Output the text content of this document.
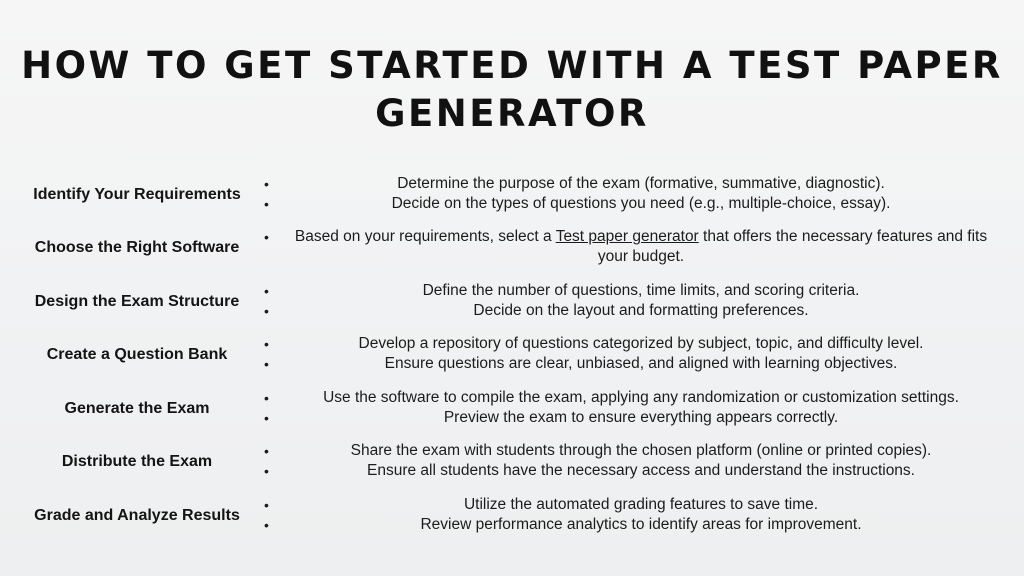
HOW TO GET STARTED WITH A TEST PAPER GENERATOR
Identify Your Requirements
•	Determine the purpose of the exam (formative, summative, diagnostic).
•	Decide on the types of questions you need (e.g., multiple-choice, essay).
Choose the Right Software
•	Based on your requirements, select a Test paper generator that offers the necessary features and fits your budget.
Design the Exam Structure
•	Define the number of questions, time limits, and scoring criteria.
•	Decide on the layout and formatting preferences.
Create a Question Bank
•	Develop a repository of questions categorized by subject, topic, and difficulty level.
•	Ensure questions are clear, unbiased, and aligned with learning objectives.
Generate the Exam
•	Use the software to compile the exam, applying any randomization or customization settings.
•	Preview the exam to ensure everything appears correctly.
Distribute the Exam
•	Share the exam with students through the chosen platform (online or printed copies).
•	Ensure all students have the necessary access and understand the instructions.
Grade and Analyze Results
•	Utilize the automated grading features to save time.
•	Review performance analytics to identify areas for improvement.
